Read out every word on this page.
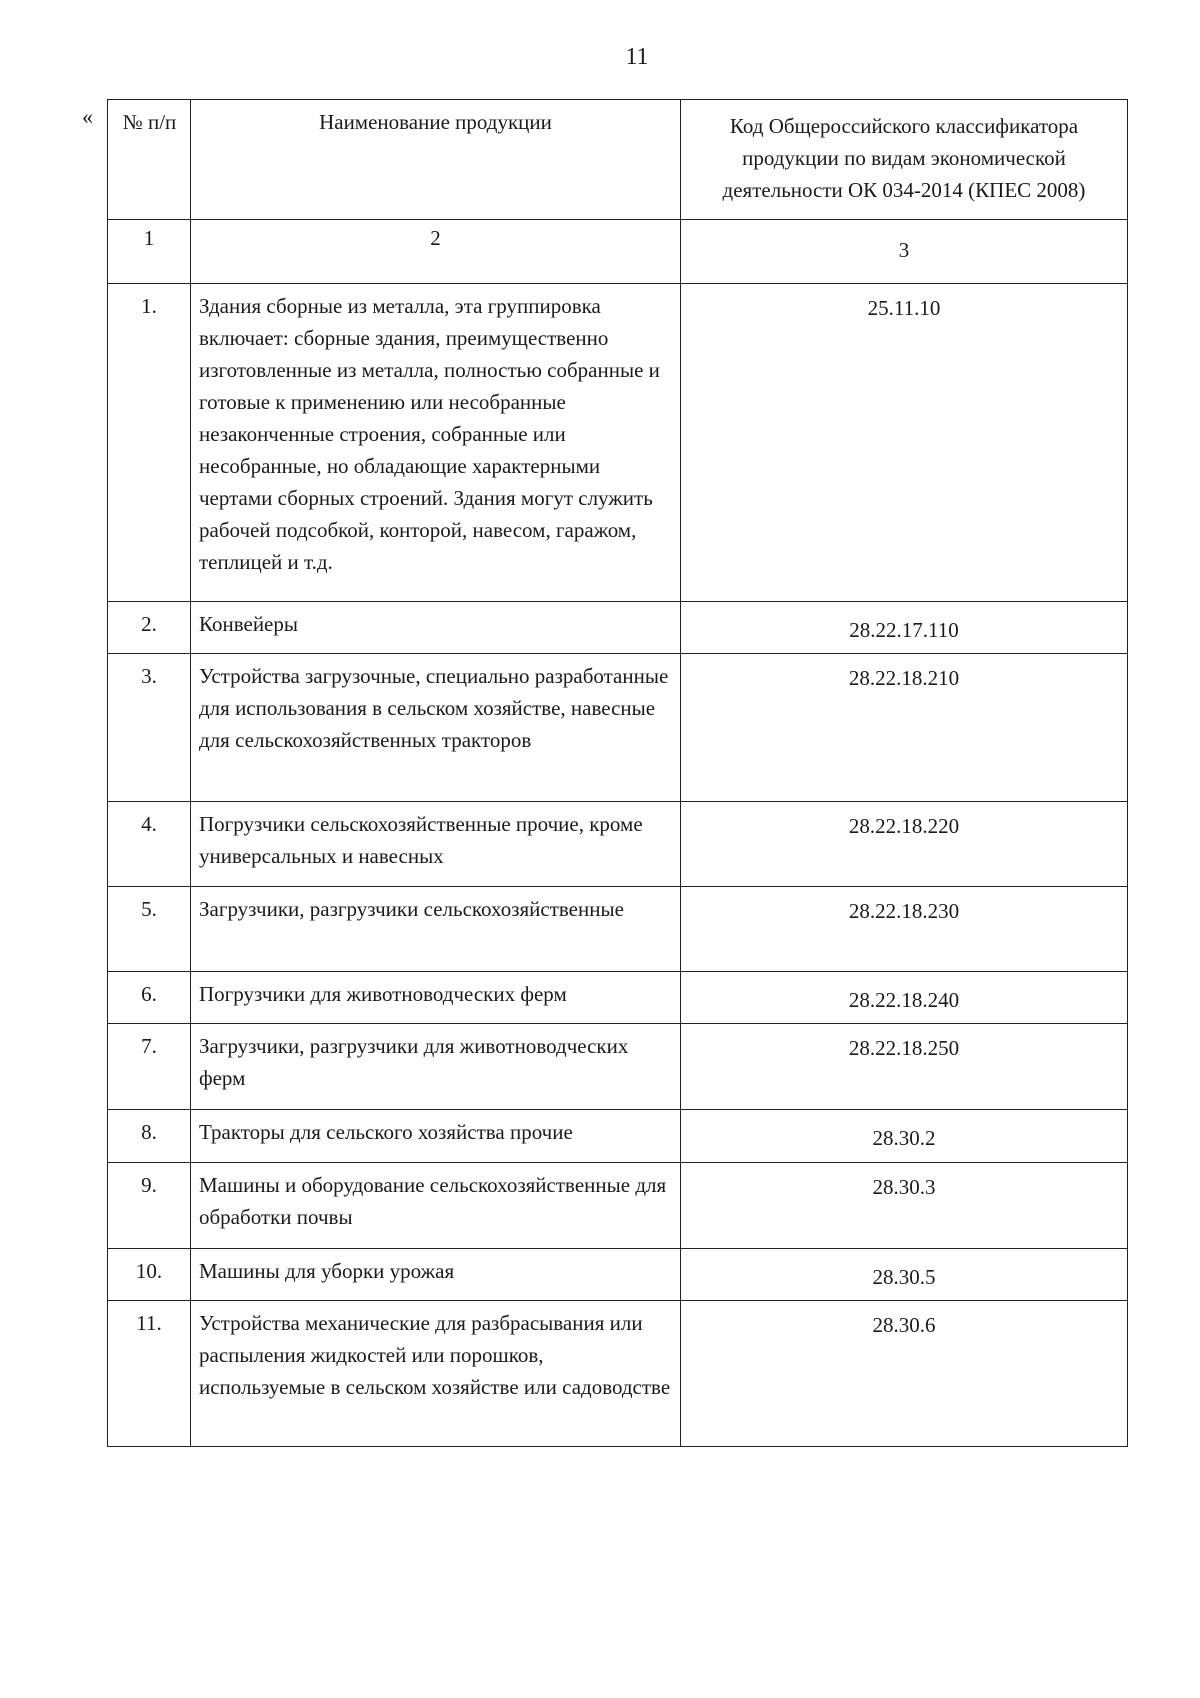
11
« № п/п	Наименование продукции	Код Общероссийского классификатора продукции по видам экономической деятельности ОК 034-2014 (КПЕС 2008)
1	2	3
1.	Здания сборные из металла, эта группировка включает: сборные здания, преимущественно изготовленные из металла, полностью собранные и готовые к применению или несобранные незаконченные строения, собранные или несобранные, но обладающие характерными чертами сборных строений. Здания могут служить рабочей подсобкой, конторой, навесом, гаражом, теплицей и т.д.	25.11.10
2.	Конвейеры	28.22.17.110
3.	Устройства загрузочные, специально разработанные для использования в сельском хозяйстве, навесные для сельскохозяйственных тракторов	28.22.18.210
4.	Погрузчики сельскохозяйственные прочие, кроме универсальных и навесных	28.22.18.220
5.	Загрузчики, разгрузчики сельскохозяйственные	28.22.18.230
6.	Погрузчики для животноводческих ферм	28.22.18.240
7.	Загрузчики, разгрузчики для животноводческих ферм	28.22.18.250
8.	Тракторы для сельского хозяйства прочие	28.30.2
9.	Машины и оборудование сельскохозяйственные для обработки почвы	28.30.3
10.	Машины для уборки урожая	28.30.5
11.	Устройства механические для разбрасывания или распыления жидкостей или порошков, используемые в сельском хозяйстве или садоводстве	28.30.6
